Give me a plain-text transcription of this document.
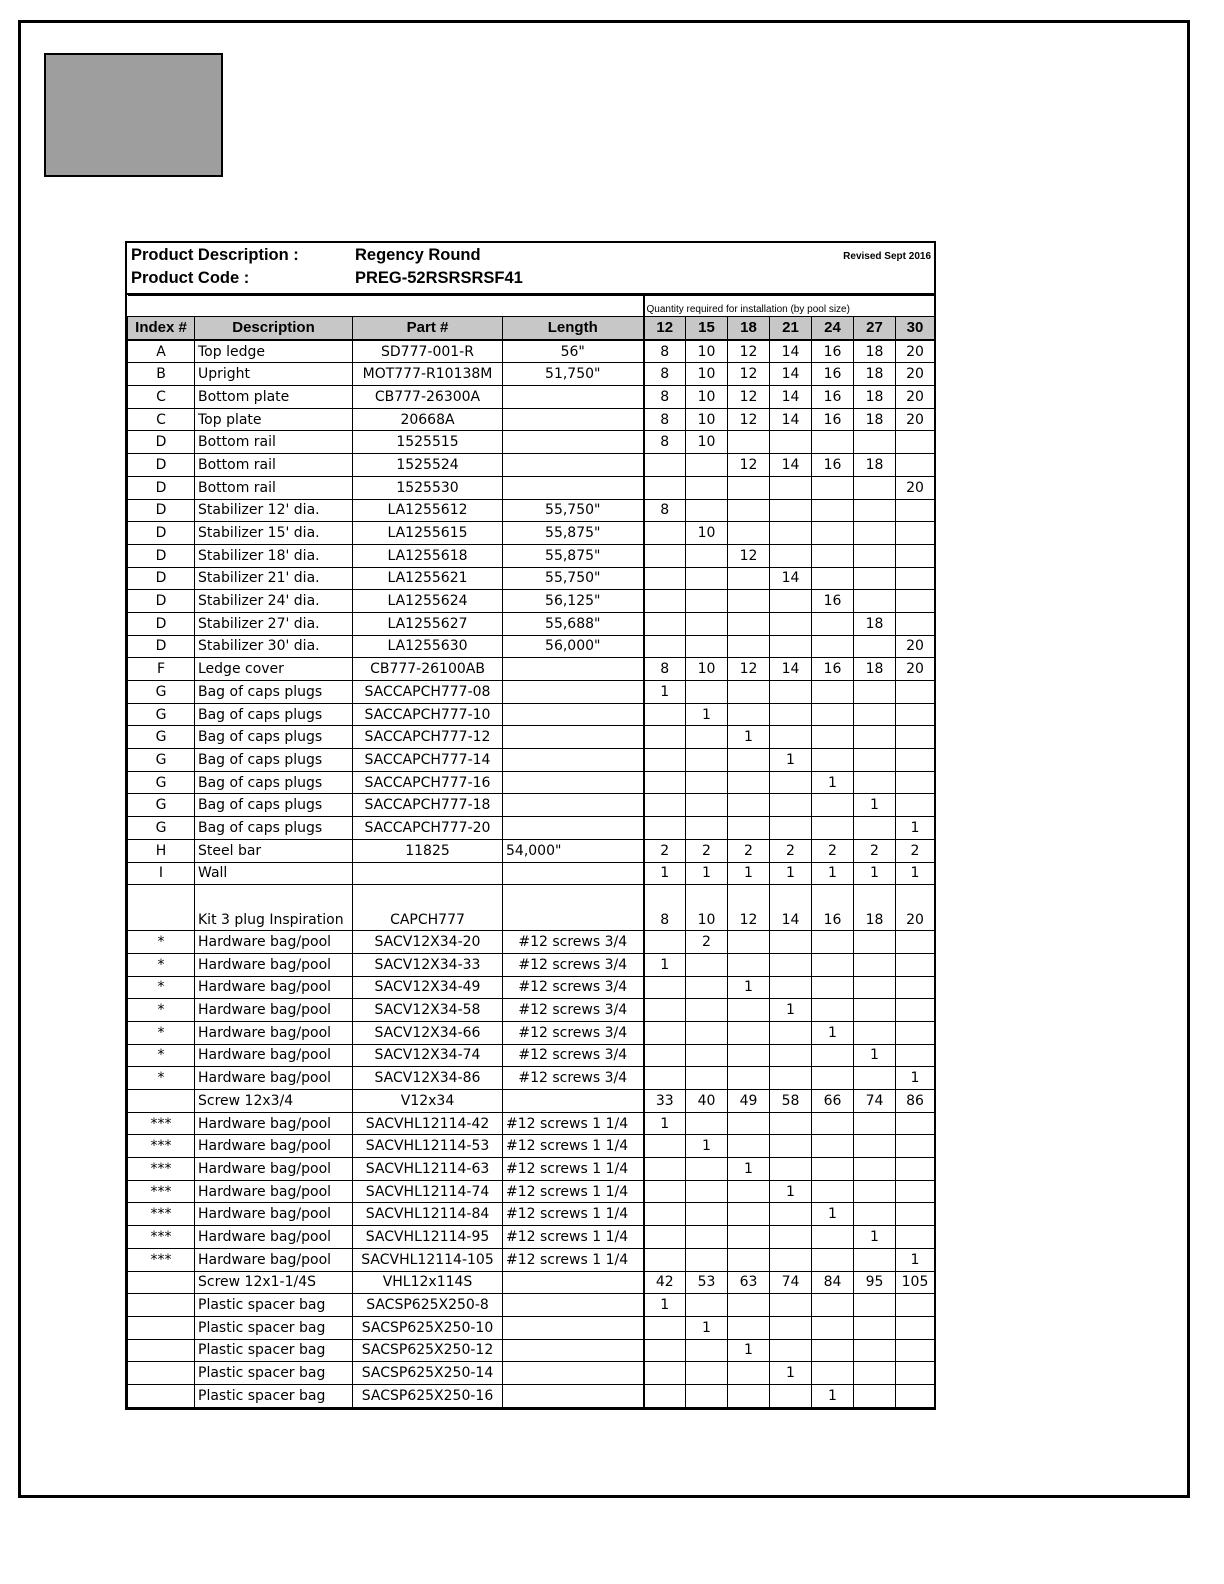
Product Description :	Regency Round	Revised Sept 2016
Product Code :	PREG-52RSRSRSF41
				Quantity required for installation (by pool size)						
Index #	Description	Part #	Length	12	15	18	21	24	27	30
A	Top ledge	SD777-001-R	56"	8	10	12	14	16	18	20
B	Upright	MOT777-R10138M	51,750"	8	10	12	14	16	18	20
C	Bottom plate	CB777-26300A		8	10	12	14	16	18	20
C	Top plate	20668A		8	10	12	14	16	18	20
D	Bottom rail	1525515		8	10					
D	Bottom rail	1525524				12	14	16	18	
D	Bottom rail	1525530								20
D	Stabilizer 12' dia.	LA1255612	55,750"	8						
D	Stabilizer 15' dia.	LA1255615	55,875"		10					
D	Stabilizer 18' dia.	LA1255618	55,875"			12				
D	Stabilizer 21' dia.	LA1255621	55,750"				14			
D	Stabilizer 24' dia.	LA1255624	56,125"					16		
D	Stabilizer 27' dia.	LA1255627	55,688"						18	
D	Stabilizer 30' dia.	LA1255630	56,000"							20
F	Ledge cover	CB777-26100AB		8	10	12	14	16	18	20
G	Bag of caps plugs	SACCAPCH777-08		1						
G	Bag of caps plugs	SACCAPCH777-10			1					
G	Bag of caps plugs	SACCAPCH777-12				1				
G	Bag of caps plugs	SACCAPCH777-14					1			
G	Bag of caps plugs	SACCAPCH777-16						1		
G	Bag of caps plugs	SACCAPCH777-18							1	
G	Bag of caps plugs	SACCAPCH777-20								1
H	Steel bar	11825	54,000"	2	2	2	2	2	2	2
I	Wall			1	1	1	1	1	1	1
	Kit 3 plug Inspiration	CAPCH777		8	10	12	14	16	18	20
*	Hardware bag/pool	SACV12X34-20	#12 screws 3/4		2					
*	Hardware bag/pool	SACV12X34-33	#12 screws 3/4	1						
*	Hardware bag/pool	SACV12X34-49	#12 screws 3/4			1				
*	Hardware bag/pool	SACV12X34-58	#12 screws 3/4				1			
*	Hardware bag/pool	SACV12X34-66	#12 screws 3/4					1		
*	Hardware bag/pool	SACV12X34-74	#12 screws 3/4						1	
*	Hardware bag/pool	SACV12X34-86	#12 screws 3/4							1
	Screw 12x3/4	V12x34		33	40	49	58	66	74	86
***	Hardware bag/pool	SACVHL12114-42	#12 screws 1 1/4	1						
***	Hardware bag/pool	SACVHL12114-53	#12 screws 1 1/4		1					
***	Hardware bag/pool	SACVHL12114-63	#12 screws 1 1/4			1				
***	Hardware bag/pool	SACVHL12114-74	#12 screws 1 1/4				1			
***	Hardware bag/pool	SACVHL12114-84	#12 screws 1 1/4					1		
***	Hardware bag/pool	SACVHL12114-95	#12 screws 1 1/4						1	
***	Hardware bag/pool	SACVHL12114-105	#12 screws 1 1/4							1
	Screw 12x1-1/4S	VHL12x114S		42	53	63	74	84	95	105
	Plastic spacer bag	SACSP625X250-8		1						
	Plastic spacer bag	SACSP625X250-10			1					
	Plastic spacer bag	SACSP625X250-12				1				
	Plastic spacer bag	SACSP625X250-14					1			
	Plastic spacer bag	SACSP625X250-16						1		
